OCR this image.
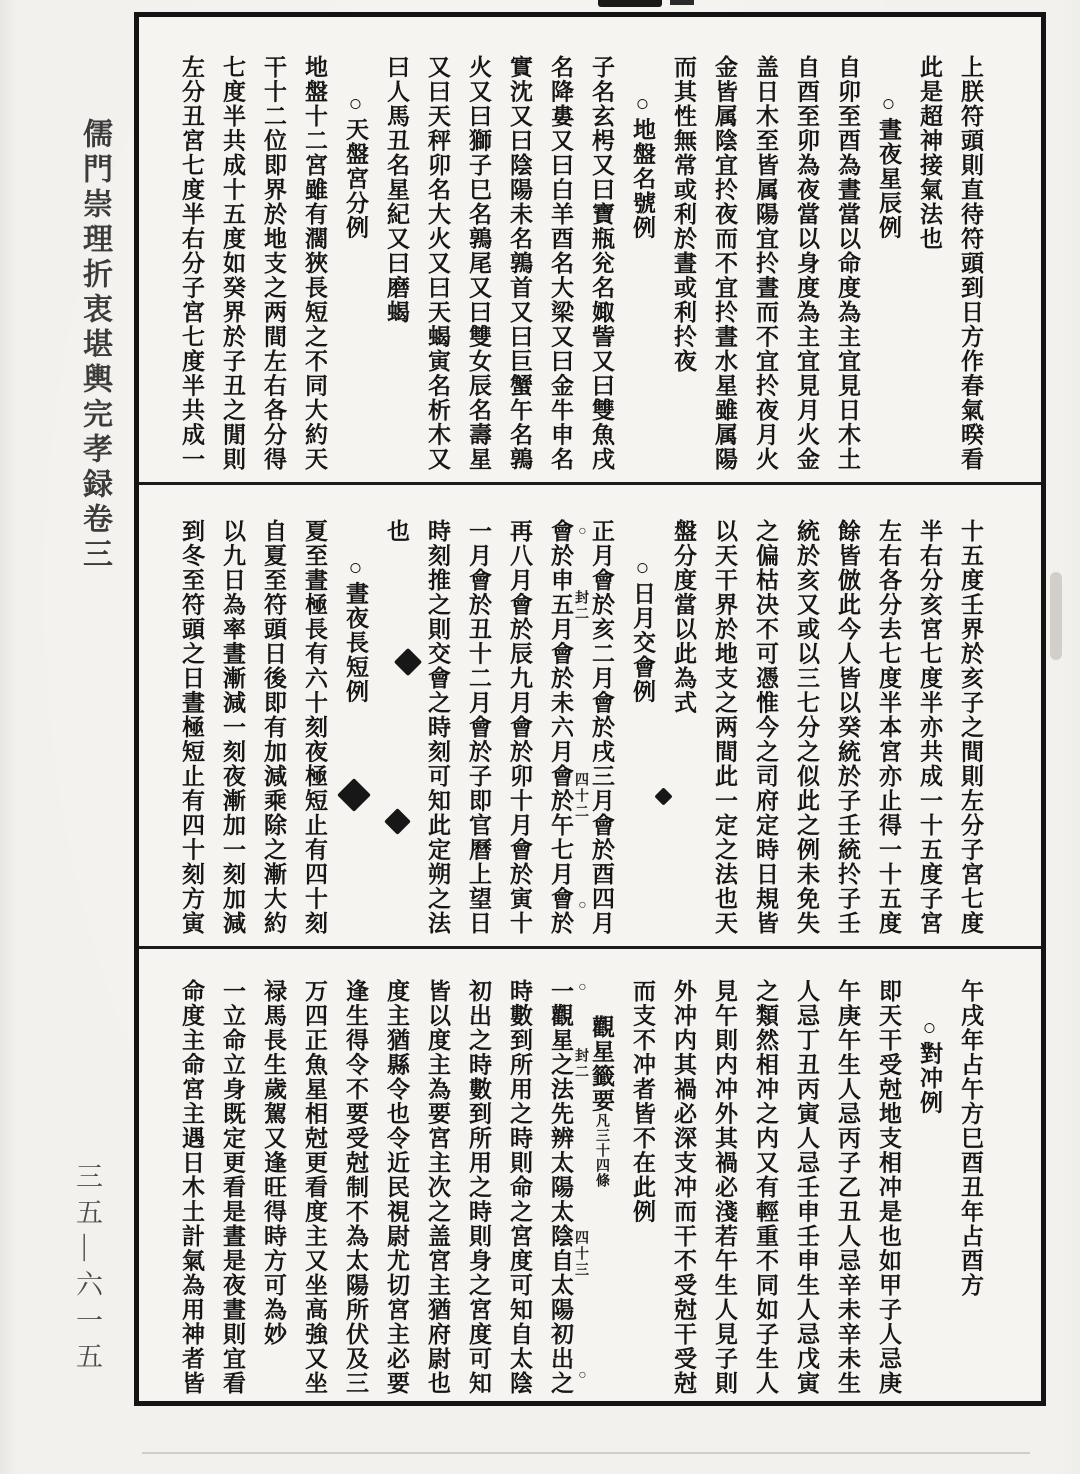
儒門崇理折衷堪輿完孝録卷三
三五—六一五
上朕符頭則直待符頭到日方作春氣暌看
此是超神接氣法也
○晝夜星辰例
自卯至酉為晝當以命度為主宜見日木土
自酉至卯為夜當以身度為主宜見月火金
盖日木至皆属陽宜扵晝而不宜扵夜月火
金皆属陰宜扵夜而不宜扵晝水星雖属陽
而其性無常或利於晝或利扵夜
○地盤名號例
子名玄枵又曰寶瓶兊名娵訾又曰雙魚戌
名降婁又曰白羊酉名大梁又曰金牛申名
實沈又曰陰陽未名鶉首又曰巨蟹午名鶉
火又曰獅子巳名鶉尾又曰雙女辰名壽星
又曰天秤卯名大火又曰天蝎寅名析木又
曰人馬丑名星紀又曰磨蝎
○天盤宮分例
地盤十二宮雖有濶狹長短之不同大約天
干十二位即界於地支之两間左右各分得
七度半共成十五度如癸界於子丑之閒則
左分丑宮七度半右分子宮七度半共成一
十五度壬界於亥子之間則左分子宮七度
半右分亥宮七度半亦共成一十五度子宮
左右各分去七度半本宮亦止得一十五度
餘皆倣此今人皆以癸統於子壬統扵子壬
統於亥又或以三七分之似此之例未免失
之偏枯决不可憑惟今之司府定時日規皆
以天干界於地支之两間此一定之法也天
盤分度當以此為式
○日月交會例
正月會於亥二月會於戌三月會於酉四月
會於申五月會於未六月會於午七月會於
再八月會於辰九月會於卯十月會於寅十
一月會於丑十二月會於子即官曆上望日
時刻推之則交會之時刻可知此定朔之法
也
○晝夜長短例
夏至晝極長有六十刻夜極短止有四十刻
自夏至符頭日後即有加減乘除之漸大約
以九日為率晝漸減一刻夜漸加一刻加減
到冬至符頭之日晝極短止有四十刻方寅
午戌年占午方巳酉丑年占酉方
○對冲例
即天干受尅地支相冲是也如甲子人忌庚
午庚午生人忌丙子乙丑人忌辛未辛未生
人忌丁丑丙寅人忌壬申壬申生人忌戊寅
之類然相冲之内又有輕重不同如子生人
見午則内冲外其禍必淺若午生人見子則
外冲内其禍必深支冲而干不受尅干受尅
而支不冲者皆不在此例
觀星籤要凡三十四條
一觀星之法先辨太陽太陰自太陽初出之
時數到所用之時則命之宮度可知自太陰
初出之時數到所用之時則身之宮度可知
皆以度主為要宮主次之盖宮主猶府尉也
度主猶縣令也令近民視尉尤切宮主必要
逢生得令不要受尅制不為太陽所伏及三
万四正魚星相尅更看度主又坐高強又坐
禄馬長生歲駕又逢旺得時方可為妙
一立命立身既定更看是晝是夜晝則宜看
命度主命宮主遇日木土計氣為用神者皆
○
封二
四十二
○
○
封二
四十三
○
